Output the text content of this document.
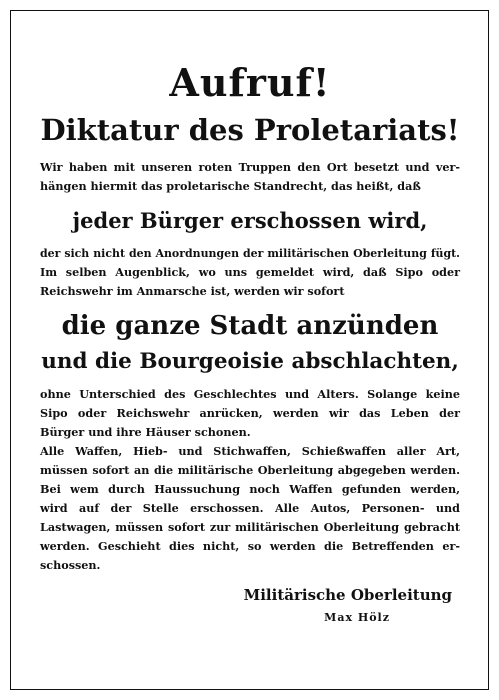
Aufruf!
Diktatur des Proletariats!
Wir haben mit unseren roten Truppen den Ort besetzt und ver-
hängen hiermit das proletarische Standrecht, das heißt, daß
jeder Bürger erschossen wird,
der sich nicht den Anordnungen der militärischen Oberleitung fügt.
Im selben Augenblick, wo uns gemeldet wird, daß Sipo oder
Reichswehr im Anmarsche ist, werden wir sofort
die ganze Stadt anzünden
und die Bourgeoisie abschlachten,
ohne Unterschied des Geschlechtes und Alters. Solange keine
Sipo oder Reichswehr anrücken, werden wir das Leben der
Bürger und ihre Häuser schonen.
Alle Waffen, Hieb- und Stichwaffen, Schießwaffen aller Art,
müssen sofort an die militärische Oberleitung abgegeben werden.
Bei wem durch Haussuchung noch Waffen gefunden werden,
wird auf der Stelle erschossen. Alle Autos, Personen- und
Lastwagen, müssen sofort zur militärischen Oberleitung gebracht
werden. Geschieht dies nicht, so werden die Betreffenden er-
schossen.
Militärische Oberleitung
Max Hölz
